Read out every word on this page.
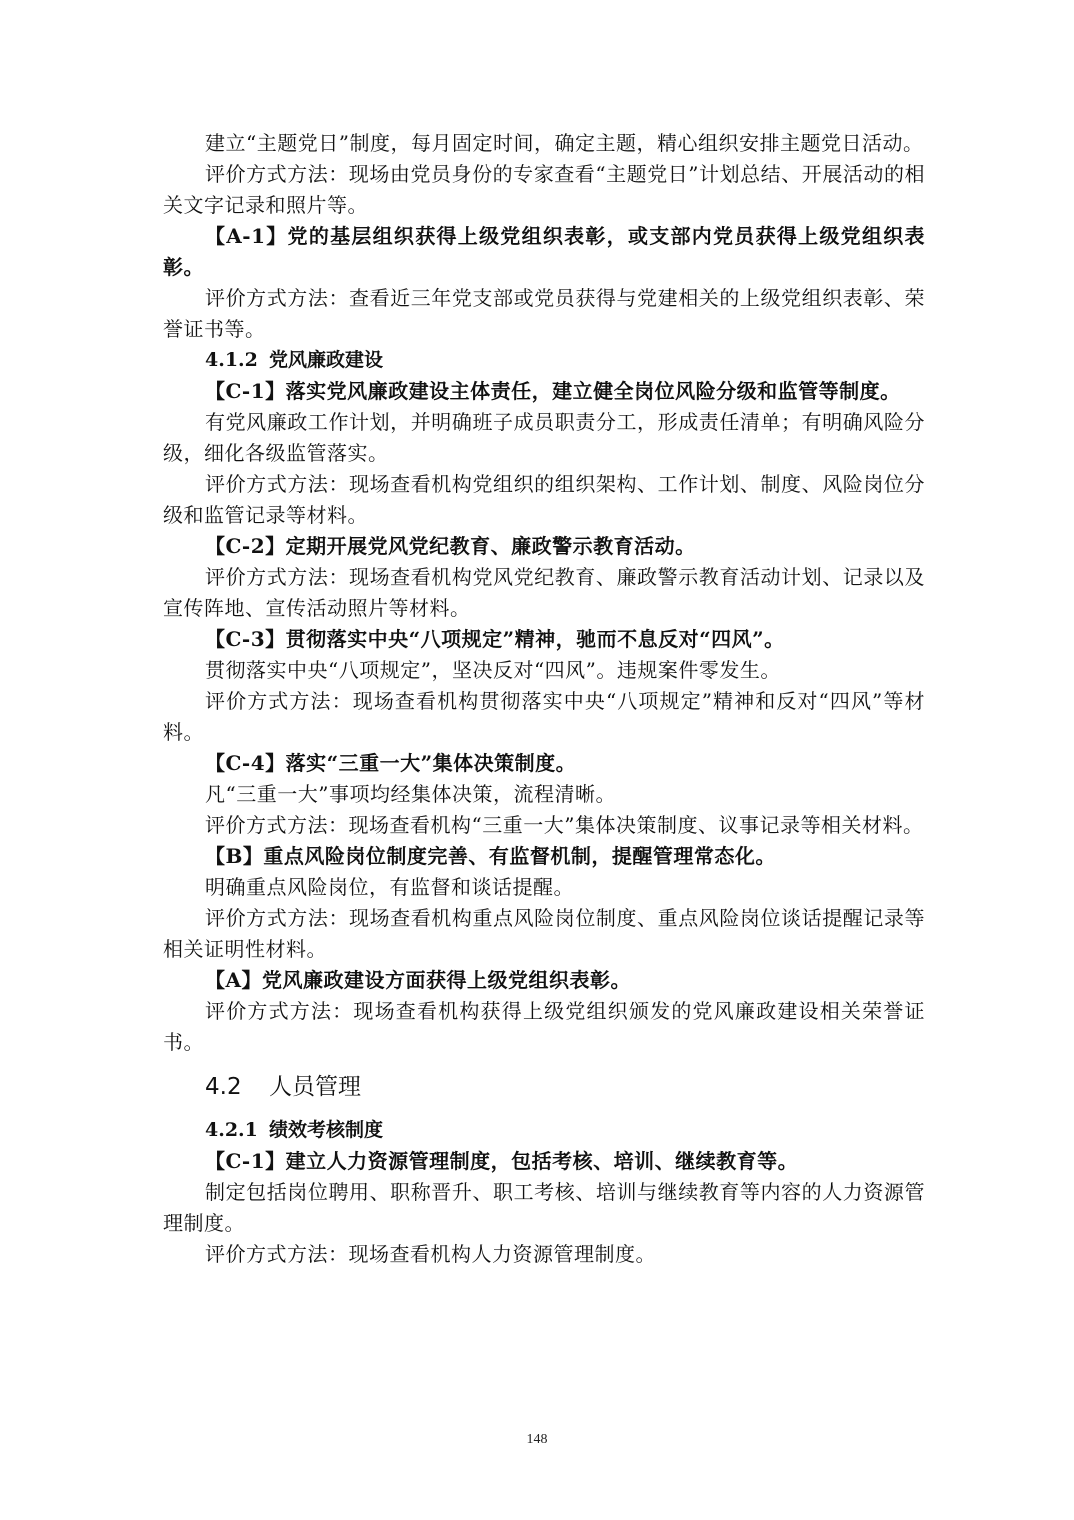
建立“主题党日”制度，每月固定时间，确定主题，精心组织安排主题党日活动。

评价方式方法：现场由党员身份的专家查看“主题党日”计划总结、开展活动的相关文字记录和照片等。

【A-1】党的基层组织获得上级党组织表彰，或支部内党员获得上级党组织表彰。

评价方式方法：查看近三年党支部或党员获得与党建相关的上级党组织表彰、荣誉证书等。

4.1.2 党风廉政建设

【C-1】落实党风廉政建设主体责任，建立健全岗位风险分级和监管等制度。

有党风廉政工作计划，并明确班子成员职责分工，形成责任清单；有明确风险分级，细化各级监管落实。

评价方式方法：现场查看机构党组织的组织架构、工作计划、制度、风险岗位分级和监管记录等材料。

【C-2】定期开展党风党纪教育、廉政警示教育活动。

评价方式方法：现场查看机构党风党纪教育、廉政警示教育活动计划、记录以及宣传阵地、宣传活动照片等材料。

【C-3】贯彻落实中央“八项规定”精神，驰而不息反对“四风”。

贯彻落实中央“八项规定”，坚决反对“四风”。违规案件零发生。

评价方式方法：现场查看机构贯彻落实中央“八项规定”精神和反对“四风”等材料。

【C-4】落实“三重一大”集体决策制度。

凡“三重一大”事项均经集体决策，流程清晰。

评价方式方法：现场查看机构“三重一大”集体决策制度、议事记录等相关材料。

【B】重点风险岗位制度完善、有监督机制，提醒管理常态化。

明确重点风险岗位，有监督和谈话提醒。

评价方式方法：现场查看机构重点风险岗位制度、重点风险岗位谈话提醒记录等相关证明性材料。

【A】党风廉政建设方面获得上级党组织表彰。

评价方式方法：现场查看机构获得上级党组织颁发的党风廉政建设相关荣誉证书。

4.2 人员管理
4.2.1 绩效考核制度

【C-1】建立人力资源管理制度，包括考核、培训、继续教育等。

制定包括岗位聘用、职称晋升、职工考核、培训与继续教育等内容的人力资源管理制度。

评价方式方法：现场查看机构人力资源管理制度。

148
